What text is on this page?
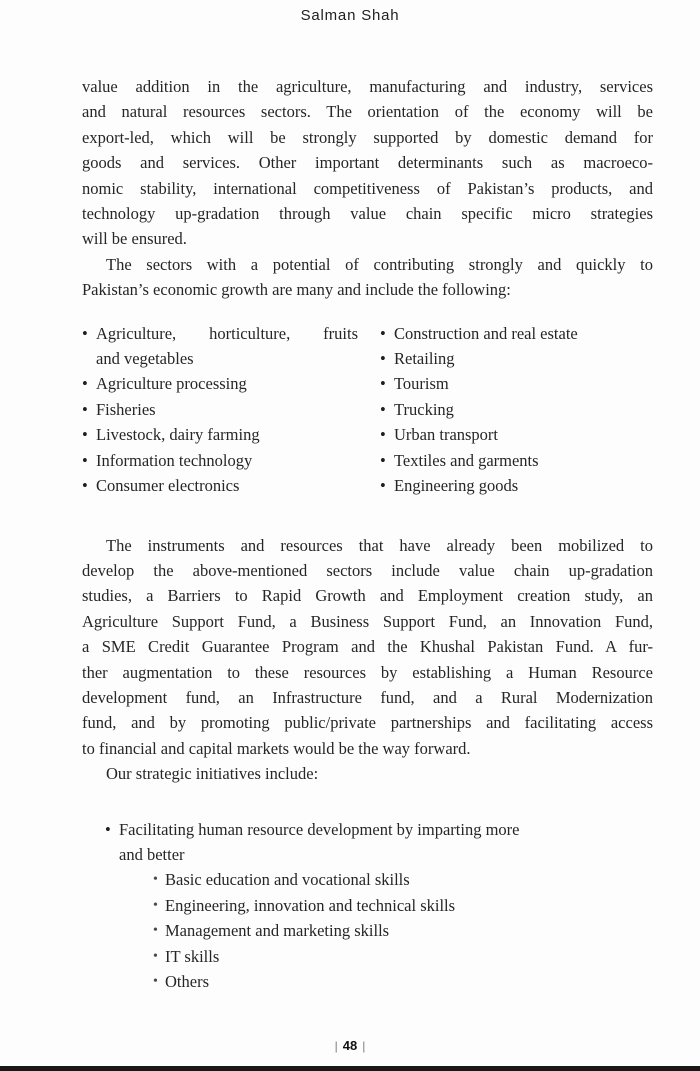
Salman Shah
value addition in the agriculture, manufacturing and industry, services
and natural resources sectors. The orientation of the economy will be
export-led, which will be strongly supported by domestic demand for
goods and services. Other important determinants such as macroeco-
nomic stability, international competitiveness of Pakistan’s products, and
technology up-gradation through value chain specific micro strategies
will be ensured.
The sectors with a potential of contributing strongly and quickly to
Pakistan’s economic growth are many and include the following:
• Agriculture, horticulture, fruits
and vegetables
• Agriculture processing
• Fisheries
• Livestock, dairy farming
• Information technology
• Consumer electronics
• Construction and real estate
• Retailing
• Tourism
• Trucking
• Urban transport
• Textiles and garments
• Engineering goods
The instruments and resources that have already been mobilized to
develop the above-mentioned sectors include value chain up-gradation
studies, a Barriers to Rapid Growth and Employment creation study, an
Agriculture Support Fund, a Business Support Fund, an Innovation Fund,
a SME Credit Guarantee Program and the Khushal Pakistan Fund. A fur-
ther augmentation to these resources by establishing a Human Resource
development fund, an Infrastructure fund, and a Rural Modernization
fund, and by promoting public/private partnerships and facilitating access
to financial and capital markets would be the way forward.
Our strategic initiatives include:
• Facilitating human resource development by imparting more
and better
• Basic education and vocational skills
• Engineering, innovation and technical skills
• Management and marketing skills
• IT skills
• Others
| 48 |
